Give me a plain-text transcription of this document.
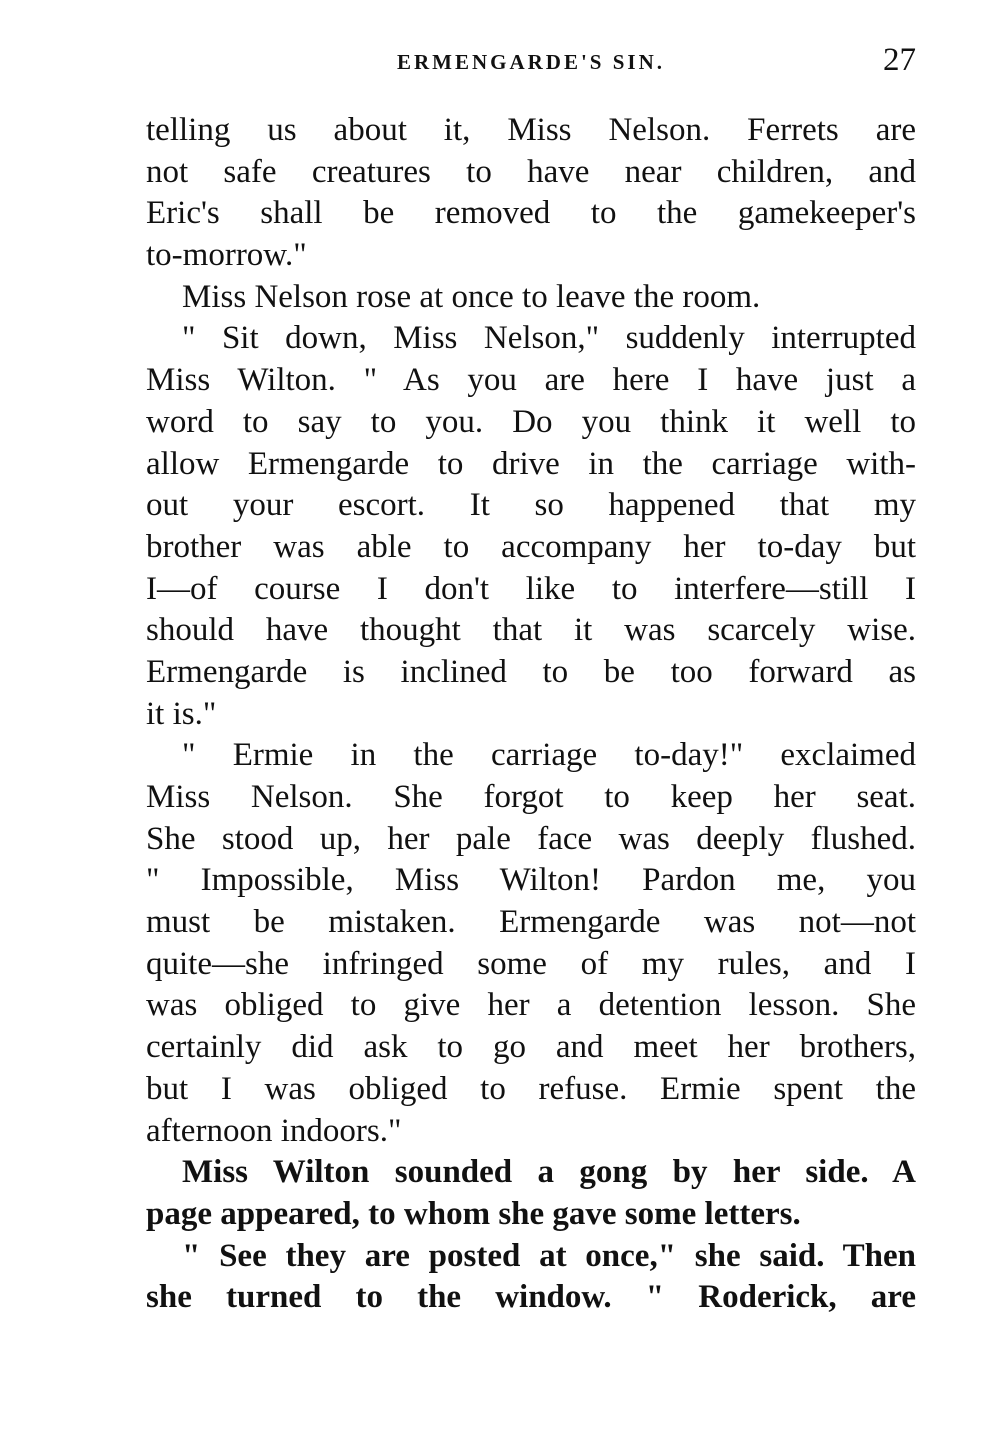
ERMENGARDE'S SIN.	27
telling us about it, Miss Nelson. Ferrets are
not safe creatures to have near children, and
Eric's shall be removed to the gamekeeper's
to-morrow."
Miss Nelson rose at once to leave the room.
" Sit down, Miss Nelson," suddenly interrupted
Miss Wilton. " As you are here I have just a
word to say to you. Do you think it well to
allow Ermengarde to drive in the carriage with-
out your escort. It so happened that my
brother was able to accompany her to-day but
I—of course I don't like to interfere—still I
should have thought that it was scarcely wise.
Ermengarde is inclined to be too forward as
it is."
" Ermie in the carriage to-day!" exclaimed
Miss Nelson. She forgot to keep her seat.
She stood up, her pale face was deeply flushed.
" Impossible, Miss Wilton! Pardon me, you
must be mistaken. Ermengarde was not—not
quite—she infringed some of my rules, and I
was obliged to give her a detention lesson. She
certainly did ask to go and meet her brothers,
but I was obliged to refuse. Ermie spent the
afternoon indoors."
Miss Wilton sounded a gong by her side. A
page appeared, to whom she gave some letters.
" See they are posted at once," she said. Then
she turned to the window. " Roderick, are
